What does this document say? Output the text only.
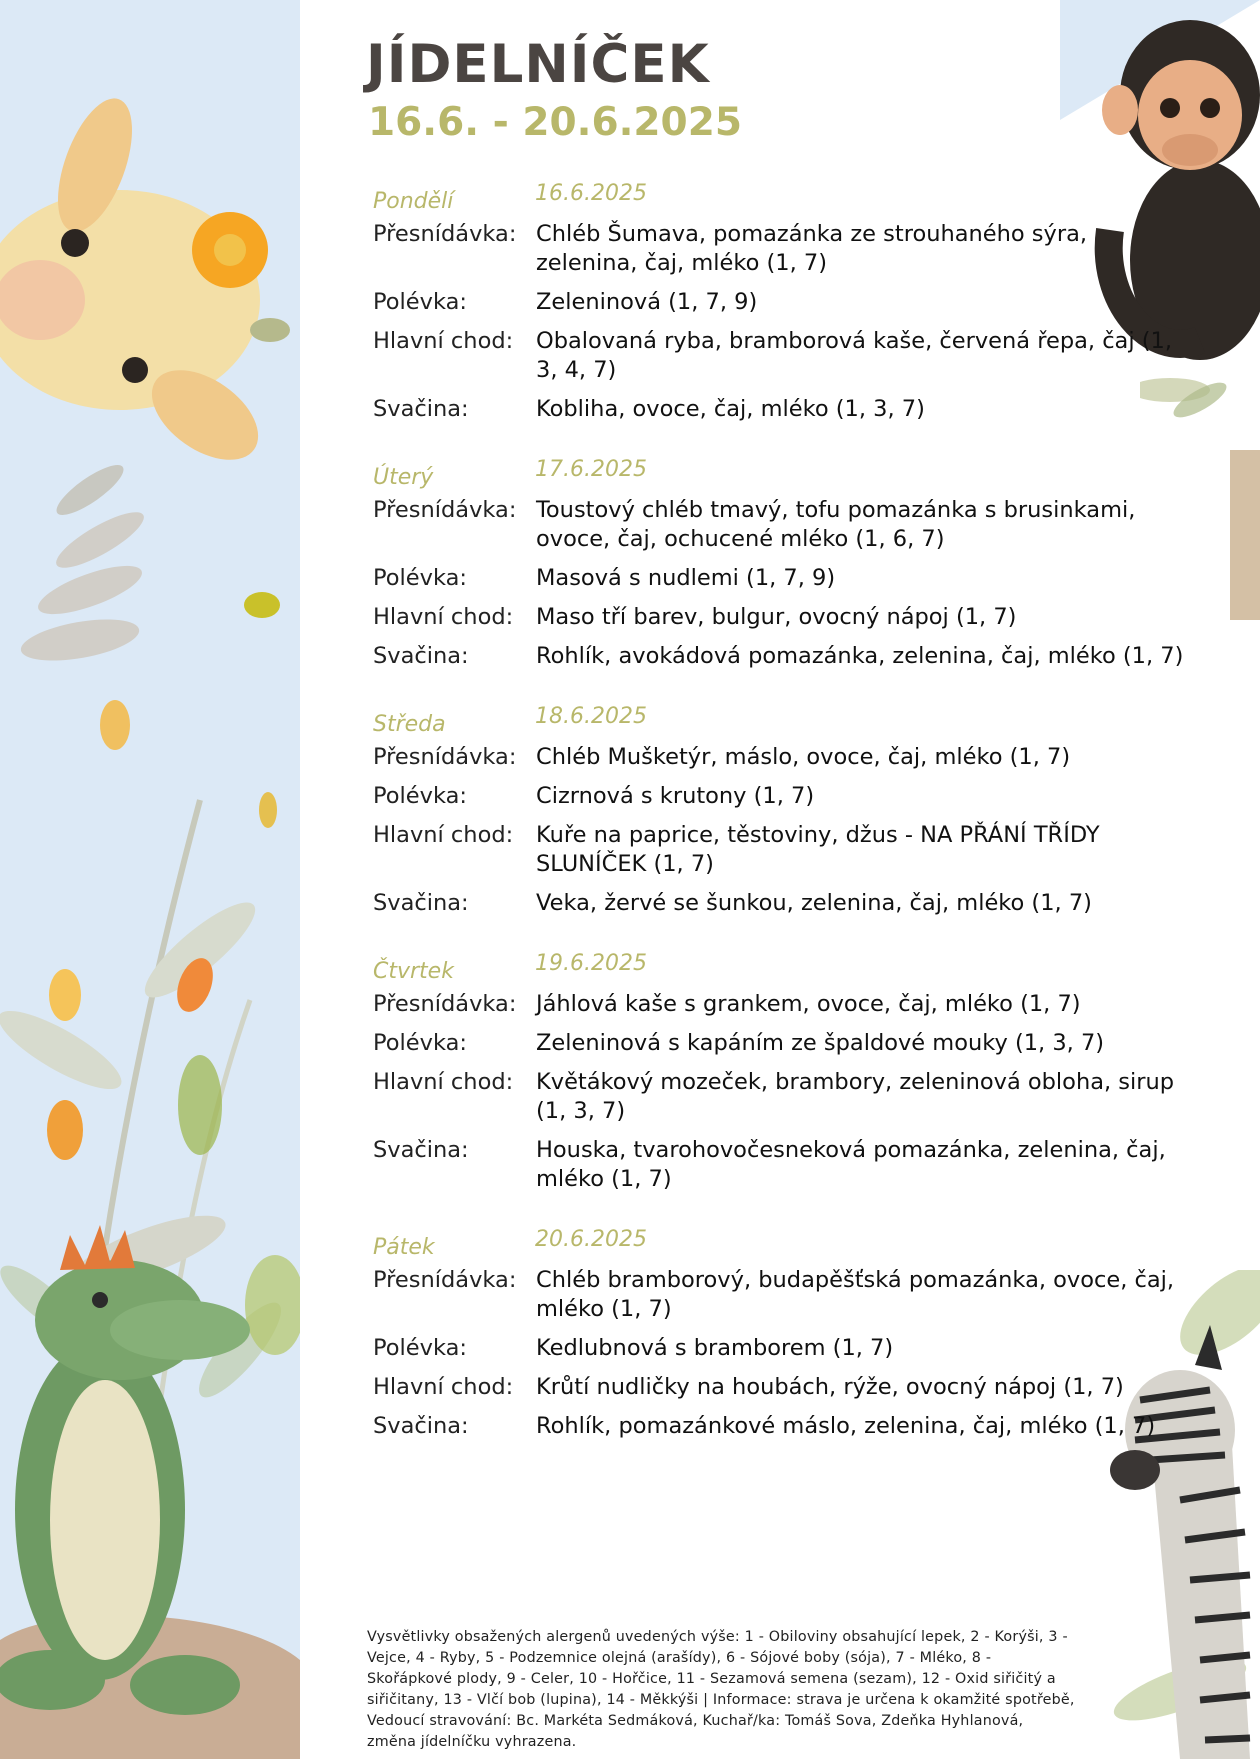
JÍDELNÍČEK
16.6. - 20.6.2025
Pondělí	16.6.2025
Přesnídávka: Chléb Šumava, pomazánka ze strouhaného sýra, zelenina, čaj, mléko (1, 7)
Polévka:	Zeleninová (1, 7, 9)
Hlavní chod:	Obalovaná ryba, bramborová kaše, červená řepa, čaj (1, 3, 4, 7)
Svačina:	Kobliha, ovoce, čaj, mléko (1, 3, 7)
Úterý	17.6.2025
Přesnídávka: Toustový chléb tmavý, tofu pomazánka s brusinkami, ovoce, čaj, ochucené mléko (1, 6, 7)
Polévka:	Masová s nudlemi (1, 7, 9)
Hlavní chod:	Maso tří barev, bulgur, ovocný nápoj (1, 7)
Svačina:	Rohlík, avokádová pomazánka, zelenina, čaj, mléko (1, 7)
Středa	18.6.2025
Přesnídávka: Chléb Mušketýr, máslo, ovoce, čaj, mléko (1, 7)
Polévka:	Cizrnová s krutony (1, 7)
Hlavní chod:	Kuře na paprice, těstoviny, džus - NA PŘÁNÍ TŘÍDY SLUNÍČEK (1, 7)
Svačina:	Veka, žervé se šunkou, zelenina, čaj, mléko (1, 7)
Čtvrtek	19.6.2025
Přesnídávka: Jáhlová kaše s grankem, ovoce, čaj, mléko (1, 7)
Polévka:	Zeleninová s kapáním ze špaldové mouky (1, 3, 7)
Hlavní chod:	Květákový mozeček, brambory, zeleninová obloha, sirup (1, 3, 7)
Svačina:	Houska, tvarohovočesneková pomazánka, zelenina, čaj, mléko (1, 7)
Pátek	20.6.2025
Přesnídávka: Chléb bramborový, budapěšťská pomazánka, ovoce, čaj, mléko (1, 7)
Polévka:	Kedlubnová s bramborem (1, 7)
Hlavní chod:	Krůtí nudličky na houbách, rýže, ovocný nápoj (1, 7)
Svačina:	Rohlík, pomazánkové máslo, zelenina, čaj, mléko (1, 7)

Vysvětlivky obsažených alergenů uvedených výše: 1 - Obiloviny obsahující lepek, 2 - Korýši, 3 - Vejce, 4 - Ryby, 5 - Podzemnice olejná (arašídy), 6 - Sójové boby (sója), 7 - Mléko, 8 - Skořápkové plody, 9 - Celer, 10 - Hořčice, 11 - Sezamová semena (sezam), 12 - Oxid siřičitý a siřičitany, 13 - Vlčí bob (lupina), 14 - Měkkýši | Informace: strava je určena k okamžité spotřebě, Vedoucí stravování: Bc. Markéta Sedmáková, Kuchař/ka: Tomáš Sova, Zdeňka Hyhlanová, změna jídelníčku vyhrazena.
